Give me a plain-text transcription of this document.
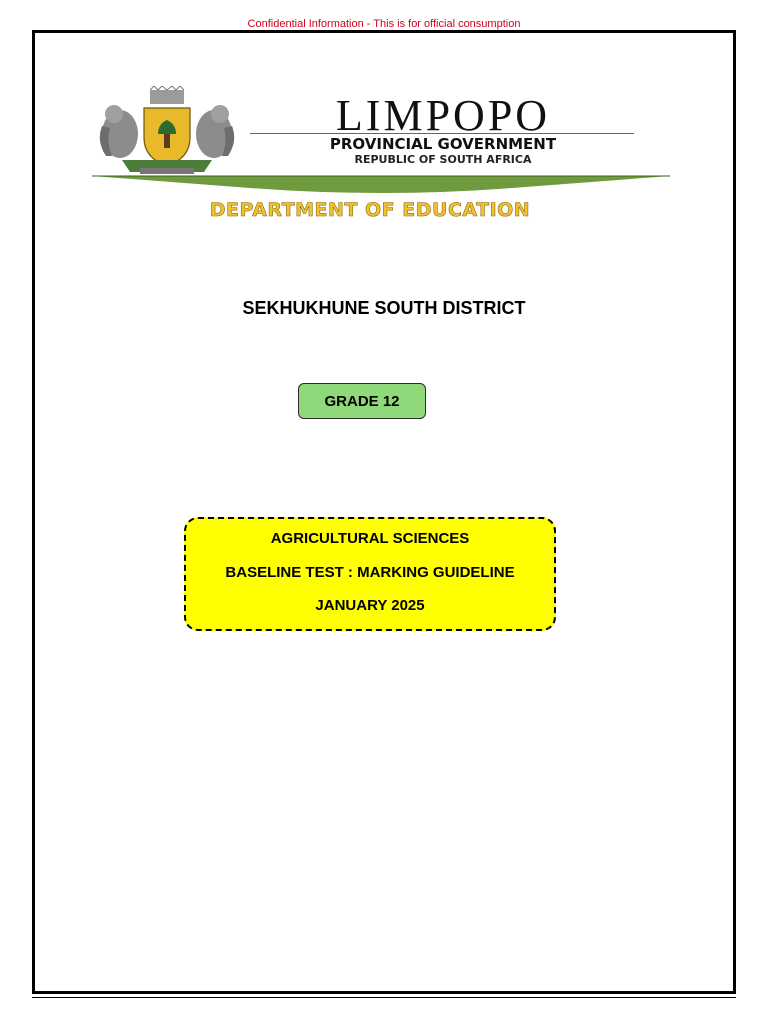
Confidential Information - This is for official consumption
LIMPOPO
PROVINCIAL GOVERNMENT
REPUBLIC OF SOUTH AFRICA
DEPARTMENT OF EDUCATION
SEKHUKHUNE SOUTH DISTRICT
GRADE 12
AGRICULTURAL SCIENCES
BASELINE TEST : MARKING GUIDELINE
JANUARY 2025
